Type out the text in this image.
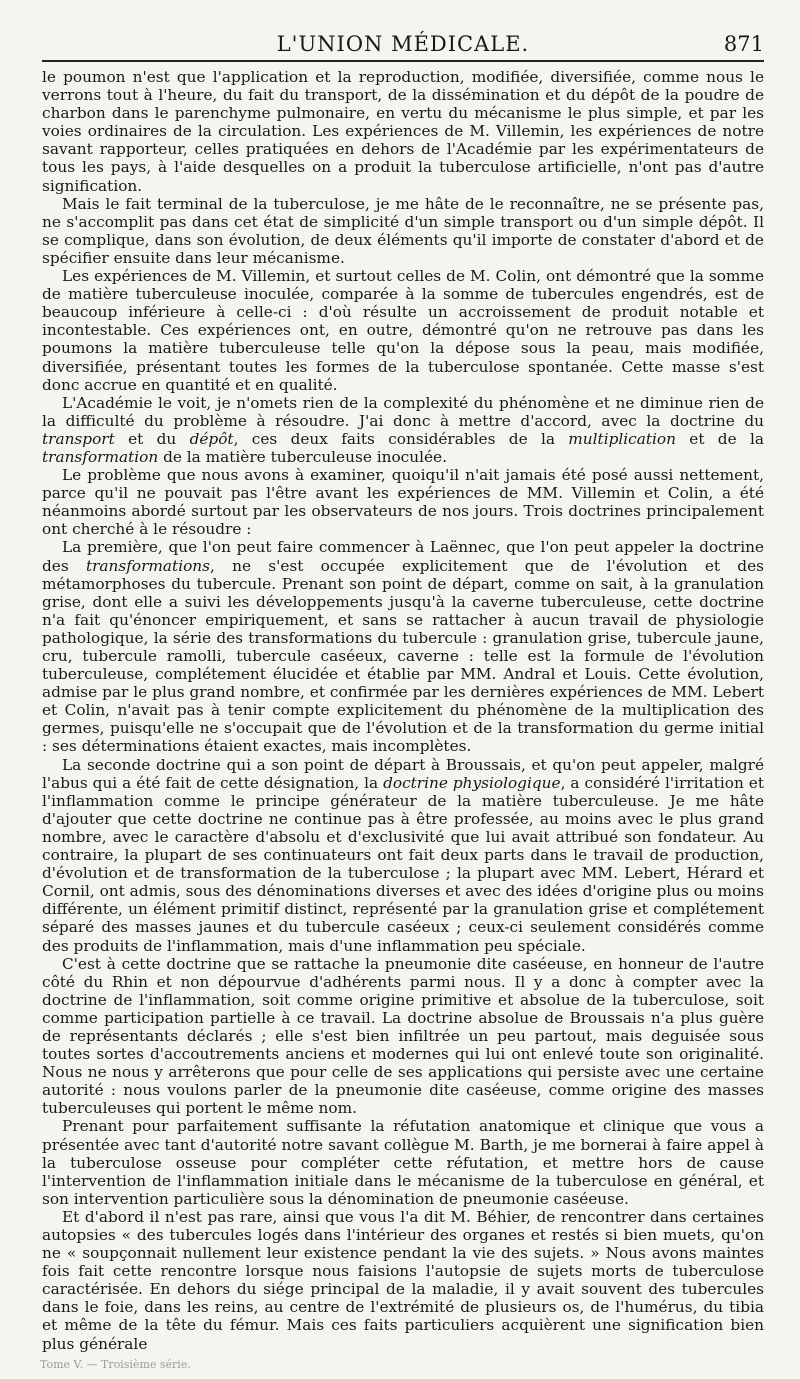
L'UNION MÉDICALE.	871

le poumon n'est que l'application et la reproduction, modifiée, diversifiée, comme nous le verrons tout à l'heure, du fait du transport, de la dissémination et du dépôt de la poudre de charbon dans le parenchyme pulmonaire, en vertu du mécanisme le plus simple, et par les voies ordinaires de la circulation. Les expériences de M. Villemin, les expériences de notre savant rapporteur, celles pratiquées en dehors de l'Académie par les expérimentateurs de tous les pays, à l'aide desquelles on a produit la tuberculose artificielle, n'ont pas d'autre signification.

Mais le fait terminal de la tuberculose, je me hâte de le reconnaître, ne se présente pas, ne s'accomplit pas dans cet état de simplicité d'un simple transport ou d'un simple dépôt. Il se complique, dans son évolution, de deux éléments qu'il importe de constater d'abord et de spécifier ensuite dans leur mécanisme.

Les expériences de M. Villemin, et surtout celles de M. Colin, ont démontré que la somme de matière tuberculeuse inoculée, comparée à la somme de tubercules engendrés, est de beaucoup inférieure à celle-ci : d'où résulte un accroissement de produit notable et incontestable. Ces expériences ont, en outre, démontré qu'on ne retrouve pas dans les poumons la matière tuberculeuse telle qu'on la dépose sous la peau, mais modifiée, diversifiée, présentant toutes les formes de la tuberculose spontanée. Cette masse s'est donc accrue en quantité et en qualité.

L'Académie le voit, je n'omets rien de la complexité du phénomène et ne diminue rien de la difficulté du problème à résoudre. J'ai donc à mettre d'accord, avec la doctrine du transport et du dépôt, ces deux faits considérables de la multiplication et de la transformation de la matière tuberculeuse inoculée.

Le problème que nous avons à examiner, quoiqu'il n'ait jamais été posé aussi nettement, parce qu'il ne pouvait pas l'être avant les expériences de MM. Villemin et Colin, a été néanmoins abordé surtout par les observateurs de nos jours. Trois doctrines principalement ont cherché à le résoudre :

La première, que l'on peut faire commencer à Laënnec, que l'on peut appeler la doctrine des transformations, ne s'est occupée explicitement que de l'évolution et des métamorphoses du tubercule. Prenant son point de départ, comme on sait, à la granulation grise, dont elle a suivi les développements jusqu'à la caverne tuberculeuse, cette doctrine n'a fait qu'énoncer empiriquement, et sans se rattacher à aucun travail de physiologie pathologique, la série des transformations du tubercule : granulation grise, tubercule jaune, cru, tubercule ramolli, tubercule caséeux, caverne : telle est la formule de l'évolution tuberculeuse, complétement élucidée et établie par MM. Andral et Louis. Cette évolution, admise par le plus grand nombre, et confirmée par les dernières expériences de MM. Lebert et Colin, n'avait pas à tenir compte explicitement du phénomène de la multiplication des germes, puisqu'elle ne s'occupait que de l'évolution et de la transformation du germe initial : ses déterminations étaient exactes, mais incomplètes.

La seconde doctrine qui a son point de départ à Broussais, et qu'on peut appeler, malgré l'abus qui a été fait de cette désignation, la doctrine physiologique, a considéré l'irritation et l'inflammation comme le principe générateur de la matière tuberculeuse. Je me hâte d'ajouter que cette doctrine ne continue pas à être professée, au moins avec le plus grand nombre, avec le caractère d'absolu et d'exclusivité que lui avait attribué son fondateur. Au contraire, la plupart de ses continuateurs ont fait deux parts dans le travail de production, d'évolution et de transformation de la tuberculose ; la plupart avec MM. Lebert, Hérard et Cornil, ont admis, sous des dénominations diverses et avec des idées d'origine plus ou moins différente, un élément primitif distinct, représenté par la granulation grise et complétement séparé des masses jaunes et du tubercule caséeux ; ceux-ci seulement considérés comme des produits de l'inflammation, mais d'une inflammation peu spéciale.

C'est à cette doctrine que se rattache la pneumonie dite caséeuse, en honneur de l'autre côté du Rhin et non dépourvue d'adhérents parmi nous. Il y a donc à compter avec la doctrine de l'inflammation, soit comme origine primitive et absolue de la tuberculose, soit comme participation partielle à ce travail. La doctrine absolue de Broussais n'a plus guère de représentants déclarés ; elle s'est bien infiltrée un peu partout, mais deguisée sous toutes sortes d'accoutrements anciens et modernes qui lui ont enlevé toute son originalité. Nous ne nous y arrêterons que pour celle de ses applications qui persiste avec une certaine autorité : nous voulons parler de la pneumonie dite caséeuse, comme origine des masses tuberculeuses qui portent le même nom.

Prenant pour parfaitement suffisante la réfutation anatomique et clinique que vous a présentée avec tant d'autorité notre savant collègue M. Barth, je me bornerai à faire appel à la tuberculose osseuse pour compléter cette réfutation, et mettre hors de cause l'intervention de l'inflammation initiale dans le mécanisme de la tuberculose en général, et son intervention particulière sous la dénomination de pneumonie caséeuse.

Et d'abord il n'est pas rare, ainsi que vous l'a dit M. Béhier, de rencontrer dans certaines autopsies « des tubercules logés dans l'intérieur des organes et restés si bien muets, qu'on ne « soupçonnait nullement leur existence pendant la vie des sujets. » Nous avons maintes fois fait cette rencontre lorsque nous faisions l'autopsie de sujets morts de tuberculose caractérisée. En dehors du siége principal de la maladie, il y avait souvent des tubercules dans le foie, dans les reins, au centre de l'extrémité de plusieurs os, de l'humérus, du tibia et même de la tête du fémur. Mais ces faits particuliers acquièrent une signification bien plus générale

Tome V. — Troisième série.
